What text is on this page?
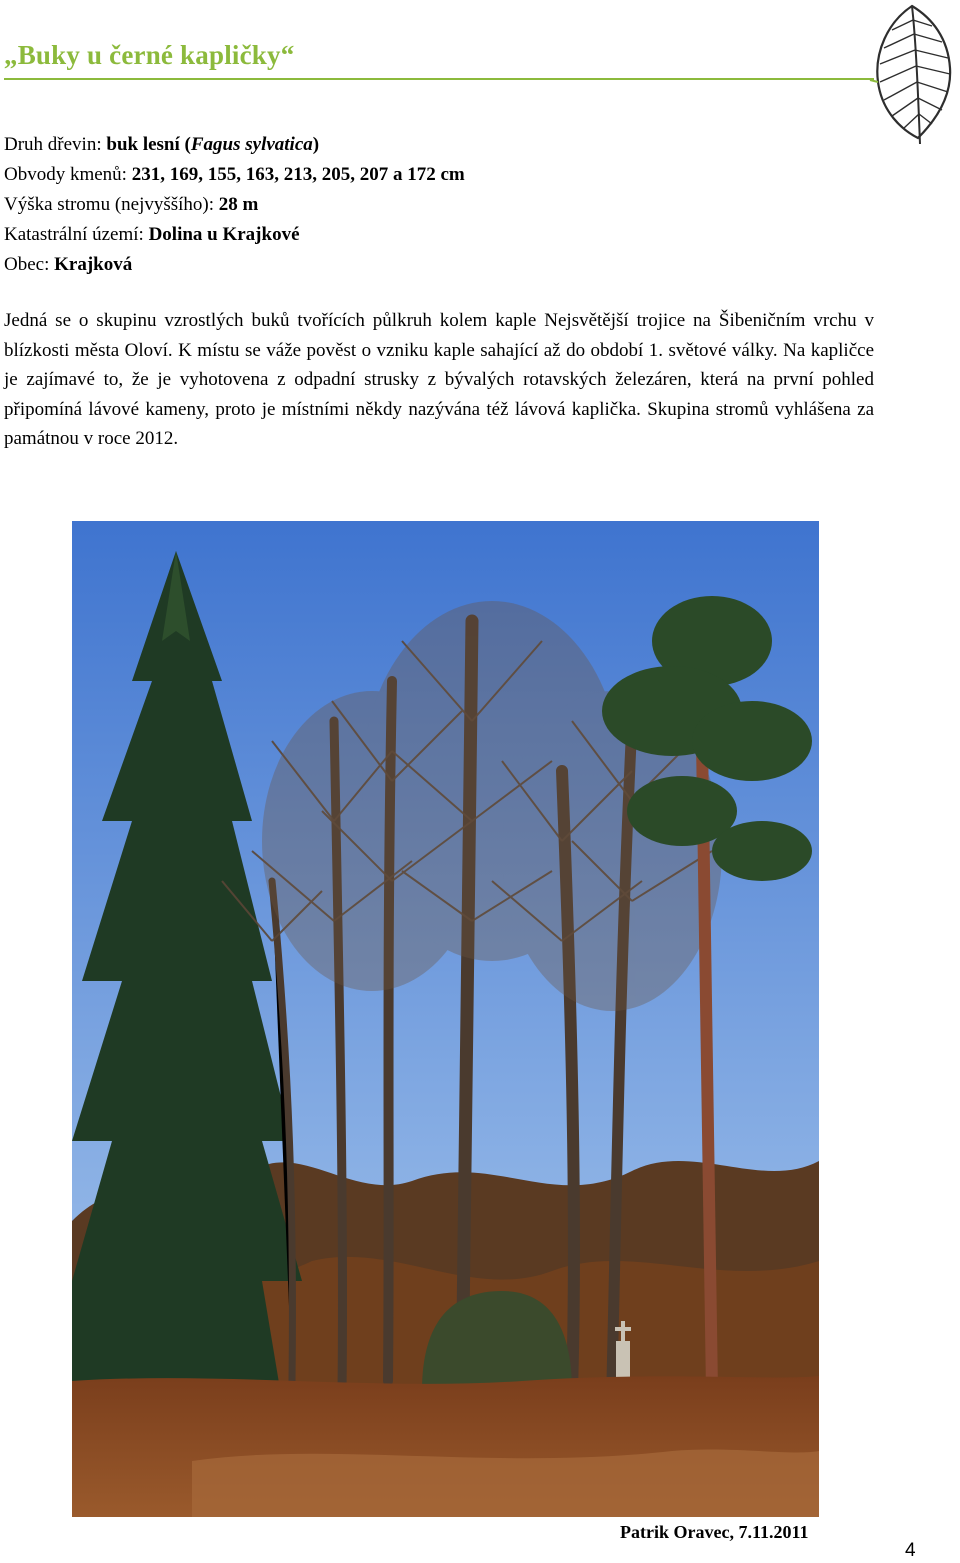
„Buky u černé kapličky“
Druh dřevin: buk lesní (Fagus sylvatica)
Obvody kmenů: 231, 169, 155, 163, 213, 205, 207 a 172 cm
Výška stromu (nejvyššího): 28 m
Katastrální území: Dolina u Krajkové
Obec: Krajková
Jedná se o skupinu vzrostlých buků tvořících půlkruh kolem kaple Nejsvětější trojice na Šibeničním vrchu v blízkosti města Oloví. K místu se váže pověst o vzniku kaple sahající až do období 1. světové války. Na kapličce je zajímavé to, že je vyhotovena z odpadní strusky z bývalých rotavských železáren, která na první pohled připomíná lávové kameny, proto je místními někdy nazývána též lávová kaplička. Skupina stromů vyhlášena za památnou v roce 2012.
Patrik Oravec, 7.11.2011
4
